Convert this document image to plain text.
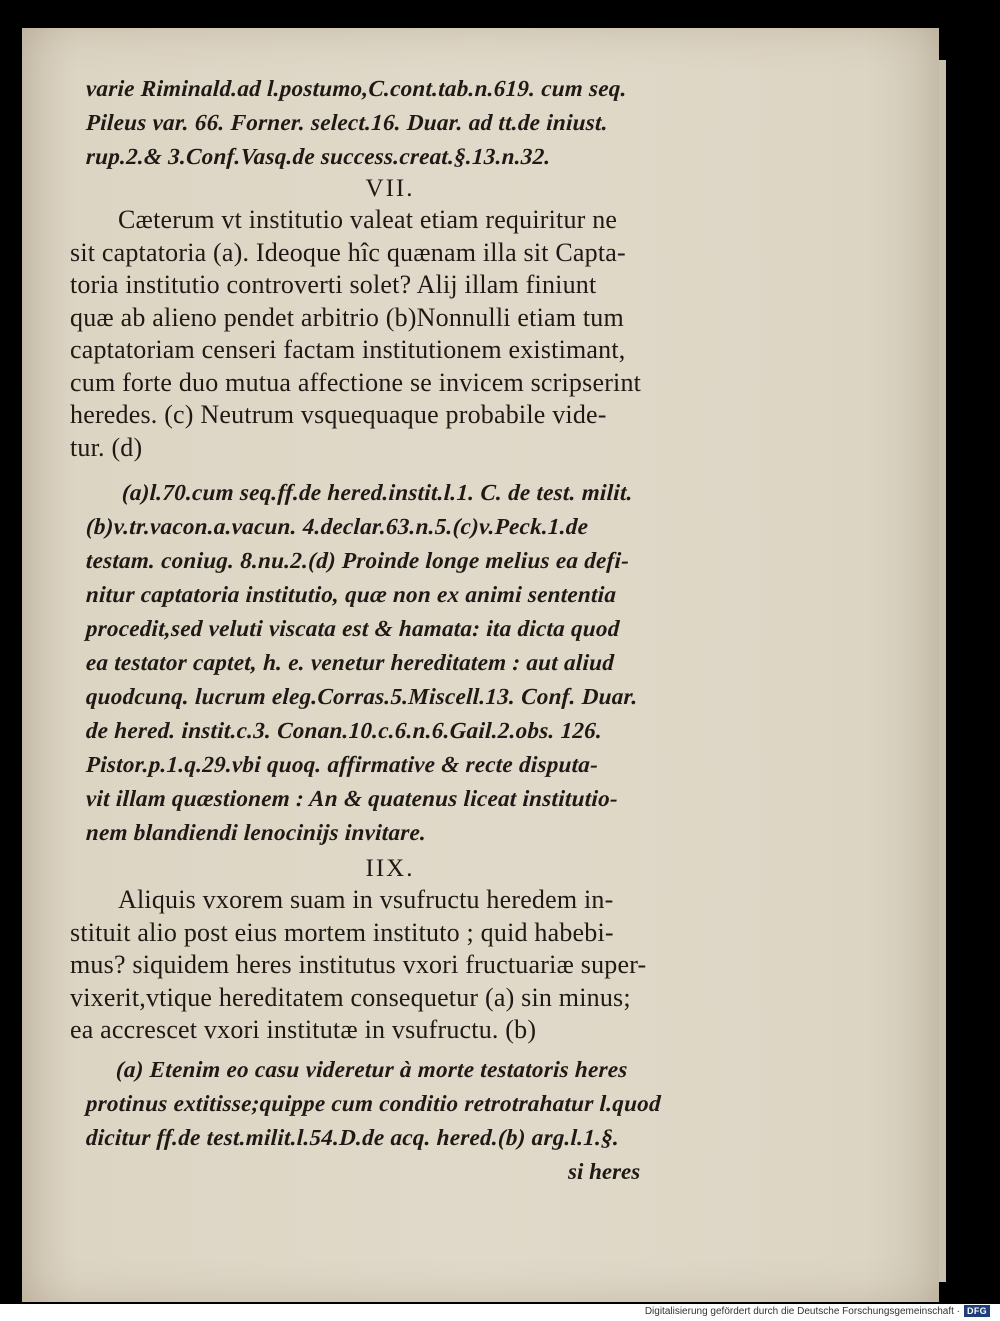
varie Riminald.ad l.postumo,C.cont.tab.n.619. cum seq.
Pileus var. 66. Forner. select.16. Duar. ad tt.de iniust.
rup.2.& 3.Conf.Vasq.de success.creat.§.13.n.32.
VII.
Cæterum vt institutio valeat etiam requiritur ne
sit captatoria (a). Ideoque hîc quænam illa sit Capta-
toria institutio controverti solet? Alij illam finiunt
quæ ab alieno pendet arbitrio (b)Nonnulli etiam tum
captatoriam censeri factam institutionem existimant,
cum forte duo mutua affectione se invicem scripserint
heredes. (c) Neutrum vsquequaque probabile vide-
tur. (d)
(a)l.70.cum seq.ff.de hered.instit.l.1. C. de test. milit.
(b)v.tr.vacon.a.vacun. 4.declar.63.n.5.(c)v.Peck.1.de
testam. coniug. 8.nu.2.(d) Proinde longe melius ea defi-
nitur captatoria institutio, quæ non ex animi sententia
procedit,sed veluti viscata est & hamata: ita dicta quod
ea testator captet, h. e. venetur hereditatem : aut aliud
quodcunq. lucrum eleg.Corras.5.Miscell.13. Conf. Duar.
de hered. instit.c.3. Conan.10.c.6.n.6.Gail.2.obs. 126.
Pistor.p.1.q.29.vbi quoq. affirmative & recte disputa-
vit illam quæstionem : An & quatenus liceat institutio-
nem blandiendi lenocinijs invitare.
IIX.
Aliquis vxorem suam in vsufructu heredem in-
stituit alio post eius mortem instituto ; quid habebi-
mus? siquidem heres institutus vxori fructuariæ super-
vixerit,vtique hereditatem consequetur (a) sin minus;
ea accrescet vxori institutæ in vsufructu. (b)
(a) Etenim eo casu videretur à morte testatoris heres
protinus extitisse;quippe cum conditio retrotrahatur l.quod
dicitur ff.de test.milit.l.54.D.de acq. hered.(b) arg.l.1.§.
si heres
Digitalisierung gefördert durch die Deutsche Forschungsgemeinschaft · DFG
